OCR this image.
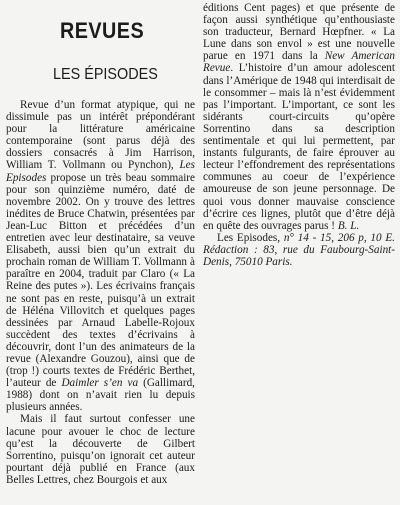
REVUES
LES ÉPISODES

Revue d’un format atypique, qui ne dissimule pas un intérêt prépondérant pour la littérature américaine contemporaine (sont parus déjà des dossiers consacrés à Jim Harrison, William T. Vollmann ou Pynchon), Les Episodes propose un très beau sommaire pour son quinzième numéro, daté de novembre 2002. On y trouve des lettres inédites de Bruce Chatwin, présentées par Jean-Luc Bitton et précédées d’un entretien avec leur destinataire, sa veuve Elisabeth, aussi bien qu’un extrait du prochain roman de William T. Vollmann à paraître en 2004, traduit par Claro (« La Reine des putes »). Les écrivains français ne sont pas en reste, puisqu’à un extrait de Héléna Villovitch et quelques pages dessinées par Arnaud Labelle-Rojoux succèdent des textes d’écrivains à découvrir, dont l’un des animateurs de la revue (Alexandre Gouzou), ainsi que de (trop !) courts textes de Frédéric Berthet, l’auteur de Daimler s’en va (Gallimard, 1988) dont on n’avait rien lu depuis plusieurs années.

Mais il faut surtout confesser une lacune pour avouer le choc de lecture qu’est la découverte de Gilbert Sorrentino, puisqu’on ignorait cet auteur pourtant déjà publié en France (aux Belles Lettres, chez Bourgois et aux

éditions Cent pages) et que présente de façon aussi synthétique qu’enthousiaste son traducteur, Bernard Hœpfner. « La Lune dans son envol » est une nouvelle parue en 1971 dans la New American Revue. L’histoire d’un amour adolescent dans l’Amérique de 1948 qui interdisait de le consommer – mais là n’est évidemment pas l’important. L’important, ce sont les sidérants court-circuits qu’opère Sorrentino dans sa description sentimentale et qui lui permettent, par instants fulgurants, de faire éprouver au lecteur l’effondrement des représentations communes au coeur de l’expérience amoureuse de son jeune personnage. De quoi vous donner mauvaise conscience d’écrire ces lignes, plutôt que d’être déjà en quête des ouvrages parus ! B. L.

Les Episodes, n° 14 - 15, 206 p, 10 E. Rédaction : 83, rue du Faubourg-Saint-Denis, 75010 Paris.
